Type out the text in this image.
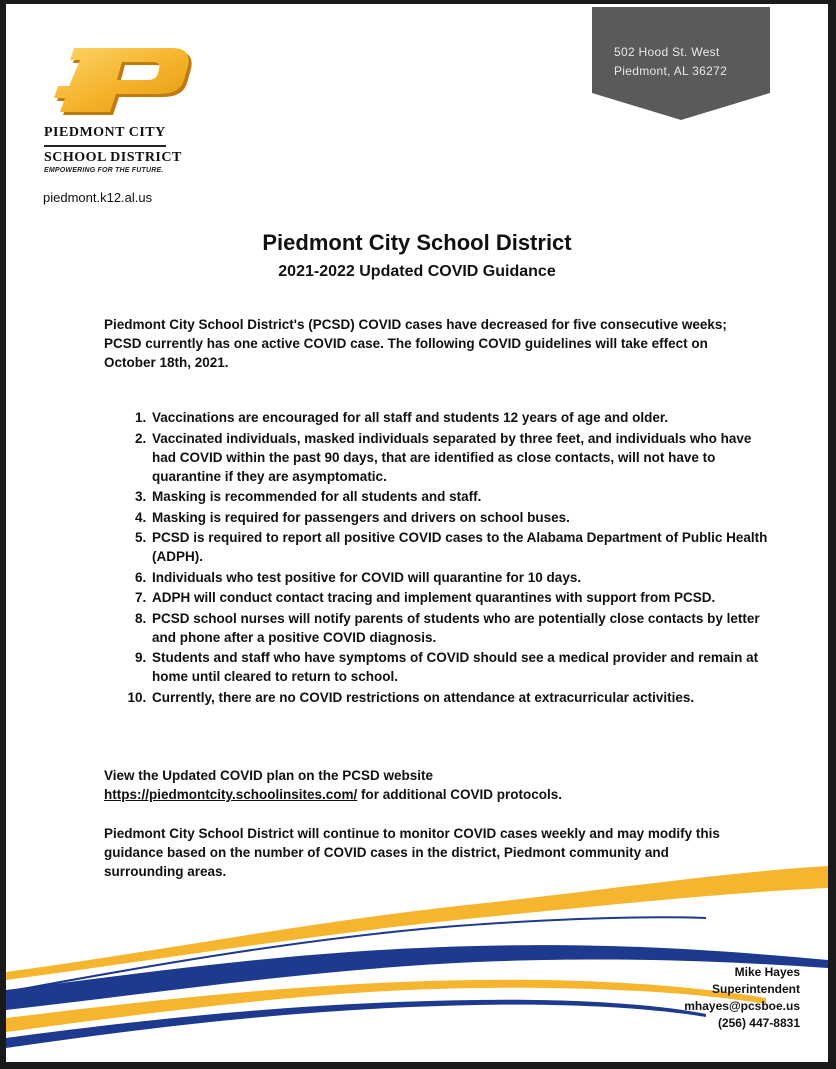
502 Hood St. West
Piedmont, AL 36272
PIEDMONT CITY
SCHOOL DISTRICT
EMPOWERING FOR THE FUTURE.
piedmont.k12.al.us
Piedmont City School District
2021-2022 Updated COVID Guidance
Piedmont City School District's (PCSD) COVID cases have decreased for five consecutive weeks; PCSD currently has one active COVID case. The following COVID guidelines will take effect on October 18th, 2021.
1. Vaccinations are encouraged for all staff and students 12 years of age and older.
2. Vaccinated individuals, masked individuals separated by three feet, and individuals who have had COVID within the past 90 days, that are identified as close contacts, will not have to quarantine if they are asymptomatic.
3. Masking is recommended for all students and staff.
4. Masking is required for passengers and drivers on school buses.
5. PCSD is required to report all positive COVID cases to the Alabama Department of Public Health (ADPH).
6. Individuals who test positive for COVID will quarantine for 10 days.
7. ADPH will conduct contact tracing and implement quarantines with support from PCSD.
8. PCSD school nurses will notify parents of students who are potentially close contacts by letter and phone after a positive COVID diagnosis.
9. Students and staff who have symptoms of COVID should see a medical provider and remain at home until cleared to return to school.
10. Currently, there are no COVID restrictions on attendance at extracurricular activities.
View the Updated COVID plan on the PCSD website
https://piedmontcity.schoolinsites.com/ for additional COVID protocols.
Piedmont City School District will continue to monitor COVID cases weekly and may modify this guidance based on the number of COVID cases in the district, Piedmont community and surrounding areas.
Mike Hayes
Superintendent
mhayes@pcsboe.us
(256) 447-8831
